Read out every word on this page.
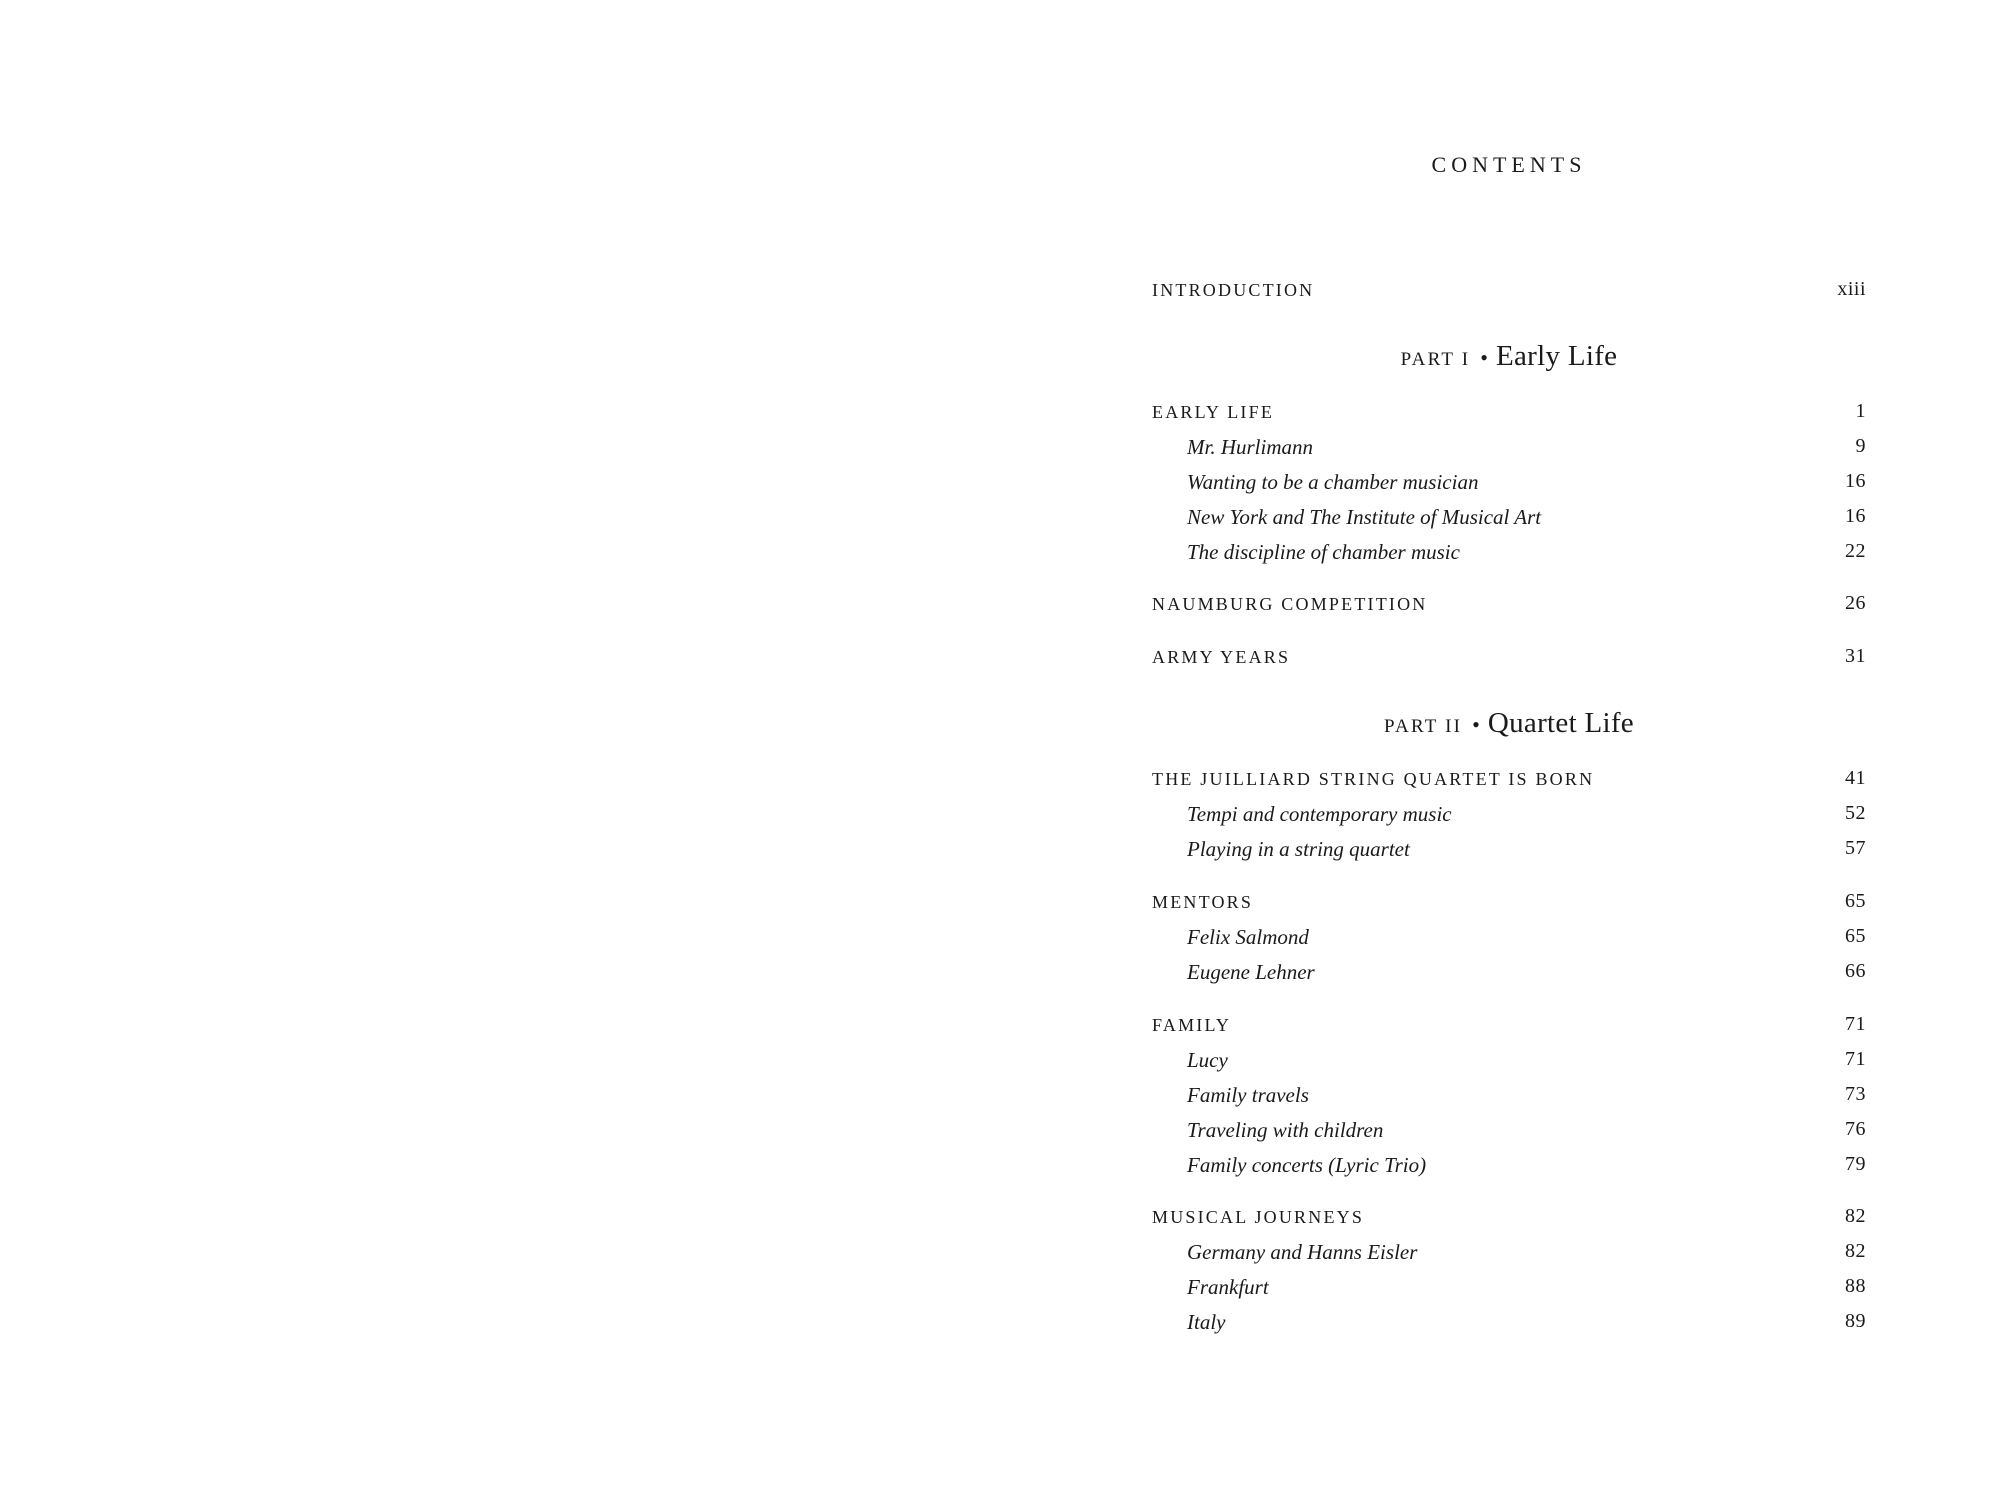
CONTENTS
INTRODUCTION	xiii
PART I • Early Life
EARLY LIFE	1
Mr. Hurlimann	9
Wanting to be a chamber musician	16
New York and The Institute of Musical Art	16
The discipline of chamber music	22
NAUMBURG COMPETITION	26
ARMY YEARS	31
PART II • Quartet Life
THE JUILLIARD STRING QUARTET IS BORN	41
Tempi and contemporary music	52
Playing in a string quartet	57
MENTORS	65
Felix Salmond	65
Eugene Lehner	66
FAMILY	71
Lucy	71
Family travels	73
Traveling with children	76
Family concerts (Lyric Trio)	79
MUSICAL JOURNEYS	82
Germany and Hanns Eisler	82
Frankfurt	88
Italy	89
